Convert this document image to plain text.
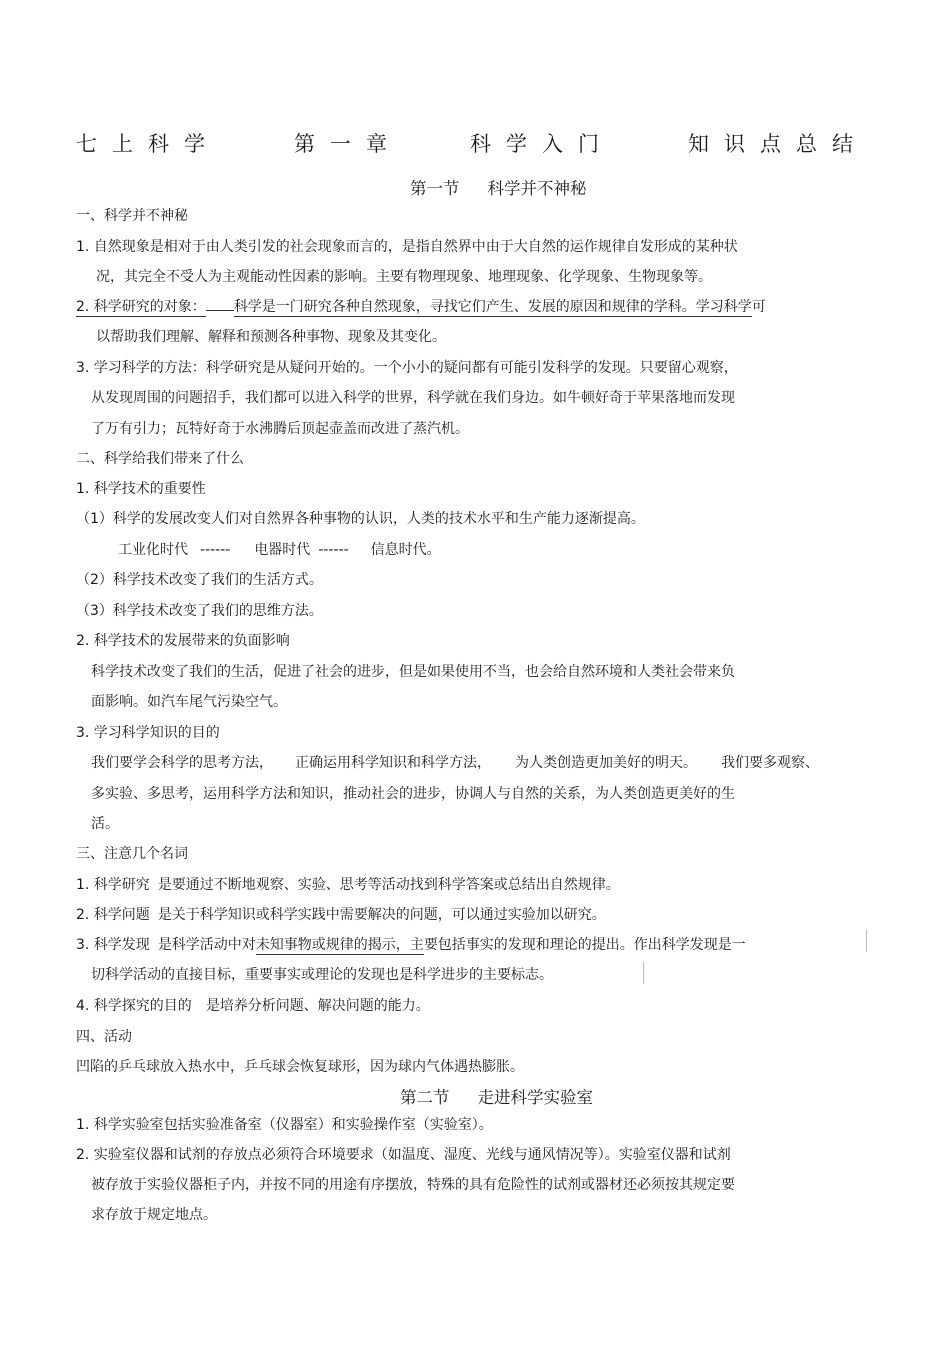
七上科学	第一章	科学入门	知识点总结
第一节 科学并不神秘
一、科学并不神秘
1. 自然现象是相对于由人类引发的社会现象而言的，是指自然界中由于大自然的运作规律自发形成的某种状
况，其完全不受人为主观能动性因素的影响。主要有物理现象、地理现象、化学现象、生物现象等。
2. 科学研究的对象： 科学是一门研究各种自然现象，寻找它们产生、发展的原因和规律的学科。学习科学可
以帮助我们理解、解释和预测各种事物、现象及其变化。
3. 学习科学的方法：科学研究是从疑问开始的。一个小小的疑问都有可能引发科学的发现。只要留心观察，
从发现周围的问题招手，我们都可以进入科学的世界，科学就在我们身边。如牛顿好奇于苹果落地而发现
了万有引力；瓦特好奇于水沸腾后顶起壶盖而改进了蒸汽机。
二、科学给我们带来了什么
1. 科学技术的重要性
（1）科学的发展改变人们对自然界各种事物的认识，人类的技术水平和生产能力逐渐提高。
工业化时代 ------ 电器时代 ------ 信息时代。
（2）科学技术改变了我们的生活方式。
（3）科学技术改变了我们的思维方法。
2. 科学技术的发展带来的负面影响
科学技术改变了我们的生活，促进了社会的进步，但是如果使用不当，也会给自然环境和人类社会带来负
面影响。如汽车尾气污染空气。
3. 学习科学知识的目的
我们要学会科学的思考方法， 正确运用科学知识和科学方法， 为人类创造更加美好的明天。 我们要多观察、
多实验、多思考，运用科学方法和知识，推动社会的进步，协调人与自然的关系，为人类创造更美好的生
活。
三、注意几个名词
1. 科学研究 是要通过不断地观察、实验、思考等活动找到科学答案或总结出自然规律。
2. 科学问题 是关于科学知识或科学实践中需要解决的问题，可以通过实验加以研究。
3. 科学发现 是科学活动中对未知事物或规律的揭示，主要包括事实的发现和理论的提出。作出科学发现是一
切科学活动的直接目标，重要事实或理论的发现也是科学进步的主要标志。
4. 科学探究的目的 是培养分析问题、解决问题的能力。
四、活动
凹陷的乒乓球放入热水中，乒乓球会恢复球形，因为球内气体遇热膨胀。
第二节 走进科学实验室
1. 科学实验室包括实验准备室（仪器室）和实验操作室（实验室）。
2. 实验室仪器和试剂的存放点必须符合环境要求（如温度、湿度、光线与通风情况等）。实验室仪器和试剂
被存放于实验仪器柜子内，并按不同的用途有序摆放，特殊的具有危险性的试剂或器材还必须按其规定要
求存放于规定地点。
